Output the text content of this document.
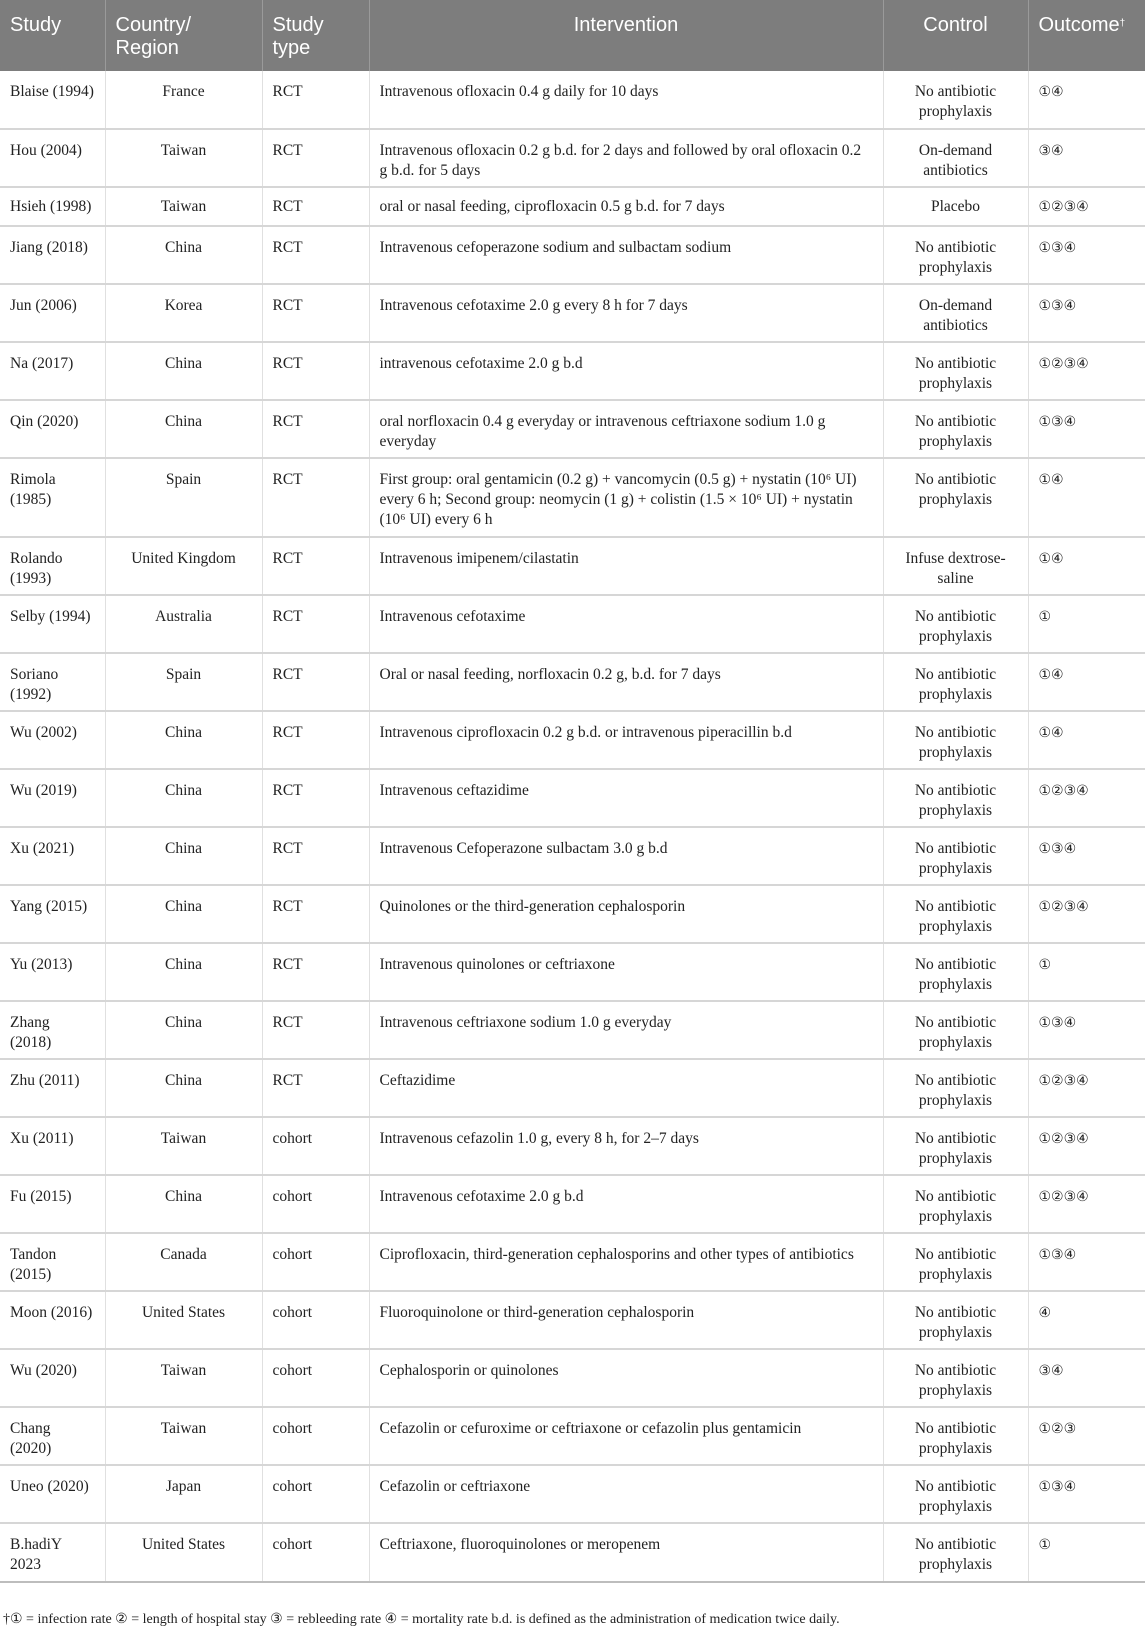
Study	Country/ Region	Study type	Intervention	Control	Outcome†
Blaise (1994)	France	RCT	Intravenous ofloxacin 0.4 g daily for 10 days	No antibiotic prophylaxis	①④
Hou (2004)	Taiwan	RCT	Intravenous ofloxacin 0.2 g b.d. for 2 days and followed by oral ofloxacin 0.2 g b.d. for 5 days	On-demand antibiotics	③④
Hsieh (1998)	Taiwan	RCT	oral or nasal feeding, ciprofloxacin 0.5 g b.d. for 7 days	Placebo	①②③④
Jiang (2018)	China	RCT	Intravenous cefoperazone sodium and sulbactam sodium	No antibiotic prophylaxis	①③④
Jun (2006)	Korea	RCT	Intravenous cefotaxime 2.0 g every 8 h for 7 days	On-demand antibiotics	①③④
Na (2017)	China	RCT	intravenous cefotaxime 2.0 g b.d	No antibiotic prophylaxis	①②③④
Qin (2020)	China	RCT	oral norfloxacin 0.4 g everyday or intravenous ceftriaxone sodium 1.0 g everyday	No antibiotic prophylaxis	①③④
Rimola (1985)	Spain	RCT	First group: oral gentamicin (0.2 g) + vancomycin (0.5 g) + nystatin (10⁶ UI) every 6 h; Second group: neomycin (1 g) + colistin (1.5 × 10⁶ UI) + nystatin (10⁶ UI) every 6 h	No antibiotic prophylaxis	①④
Rolando (1993)	United Kingdom	RCT	Intravenous imipenem/cilastatin	Infuse dextrose-saline	①④
Selby (1994)	Australia	RCT	Intravenous cefotaxime	No antibiotic prophylaxis	①
Soriano (1992)	Spain	RCT	Oral or nasal feeding, norfloxacin 0.2 g, b.d. for 7 days	No antibiotic prophylaxis	①④
Wu (2002)	China	RCT	Intravenous ciprofloxacin 0.2 g b.d. or intravenous piperacillin b.d	No antibiotic prophylaxis	①④
Wu (2019)	China	RCT	Intravenous ceftazidime	No antibiotic prophylaxis	①②③④
Xu (2021)	China	RCT	Intravenous Cefoperazone sulbactam 3.0 g b.d	No antibiotic prophylaxis	①③④
Yang (2015)	China	RCT	Quinolones or the third-generation cephalosporin	No antibiotic prophylaxis	①②③④
Yu (2013)	China	RCT	Intravenous quinolones or ceftriaxone	No antibiotic prophylaxis	①
Zhang (2018)	China	RCT	Intravenous ceftriaxone sodium 1.0 g everyday	No antibiotic prophylaxis	①③④
Zhu (2011)	China	RCT	Ceftazidime	No antibiotic prophylaxis	①②③④
Xu (2011)	Taiwan	cohort	Intravenous cefazolin 1.0 g, every 8 h, for 2–7 days	No antibiotic prophylaxis	①②③④
Fu (2015)	China	cohort	Intravenous cefotaxime 2.0 g b.d	No antibiotic prophylaxis	①②③④
Tandon (2015)	Canada	cohort	Ciprofloxacin, third-generation cephalosporins and other types of antibiotics	No antibiotic prophylaxis	①③④
Moon (2016)	United States	cohort	Fluoroquinolone or third-generation cephalosporin	No antibiotic prophylaxis	④
Wu (2020)	Taiwan	cohort	Cephalosporin or quinolones	No antibiotic prophylaxis	③④
Chang (2020)	Taiwan	cohort	Cefazolin or cefuroxime or ceftriaxone or cefazolin plus gentamicin	No antibiotic prophylaxis	①②③
Uneo (2020)	Japan	cohort	Cefazolin or ceftriaxone	No antibiotic prophylaxis	①③④
B.hadiY 2023	United States	cohort	Ceftriaxone, fluoroquinolones or meropenem	No antibiotic prophylaxis	①
†① = infection rate ② = length of hospital stay ③ = rebleeding rate ④ = mortality rate b.d. is defined as the administration of medication twice daily.
